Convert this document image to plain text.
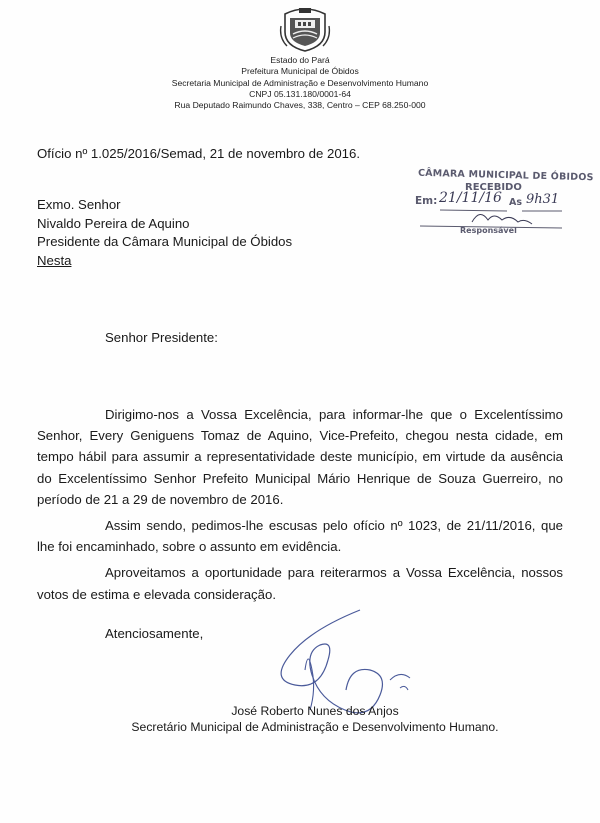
Estado do Pará
Prefeitura Municipal de Óbidos
Secretaria Municipal de Administração e Desenvolvimento Humano
CNPJ 05.131.180/0001-64
Rua Deputado Raimundo Chaves, 338, Centro – CEP 68.250-000
Ofício nº 1.025/2016/Semad, 21 de novembro de 2016.
Exmo. Senhor
Nivaldo Pereira de Aquino
Presidente da Câmara Municipal de Óbidos
Nesta
CÂMARA MUNICIPAL DE ÓBIDOS
RECEBIDO
Em: 21/11/16 As 9h31
Responsável
Senhor Presidente:

Dirigimo-nos a Vossa Excelência, para informar-lhe que o Excelentíssimo Senhor, Every Geniguens Tomaz de Aquino, Vice-Prefeito, chegou nesta cidade, em tempo hábil para assumir a representatividade deste município, em virtude da ausência do Excelentíssimo Senhor Prefeito Municipal Mário Henrique de Souza Guerreiro, no período de 21 a 29 de novembro de 2016.

Assim sendo, pedimos-lhe escusas pelo ofício nº 1023, de 21/11/2016, que lhe foi encaminhado, sobre o assunto em evidência.

Aproveitamos a oportunidade para reiterarmos a Vossa Excelência, nossos votos de estima e elevada consideração.

Atenciosamente,
José Roberto Nunes dos Anjos
Secretário Municipal de Administração e Desenvolvimento Humano.
